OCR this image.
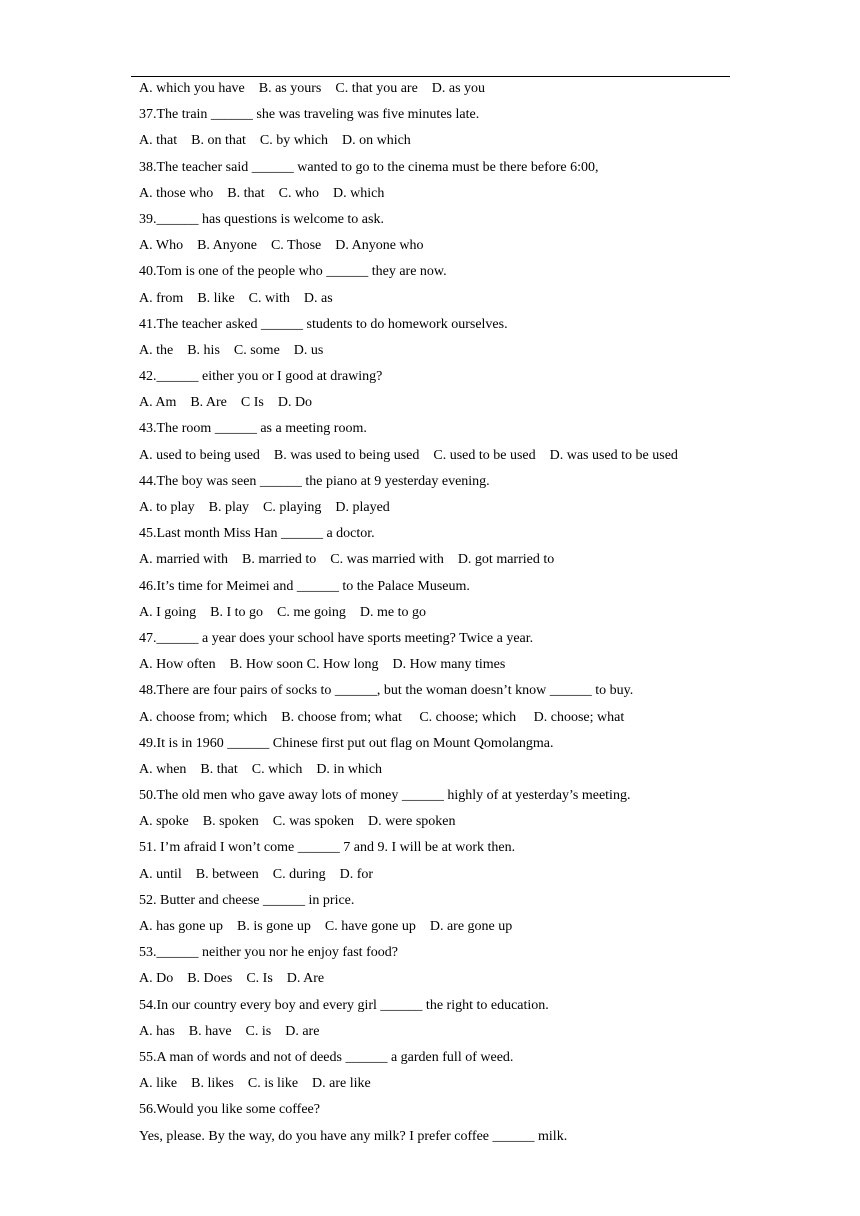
A. which you have    B. as yours    C. that you are    D. as you

37.The train ______ she was traveling was five minutes late.

A. that    B. on that    C. by which    D. on which

38.The teacher said ______ wanted to go to the cinema must be there before 6:00,

A. those who    B. that    C. who    D. which

39.______ has questions is welcome to ask.

A. Who    B. Anyone    C. Those    D. Anyone who

40.Tom is one of the people who ______ they are now.

A. from    B. like    C. with    D. as

41.The teacher asked ______ students to do homework ourselves.

A. the    B. his    C. some    D. us

42.______ either you or I good at drawing?

A. Am    B. Are    C Is    D. Do

43.The room ______ as a meeting room.

A. used to being used    B. was used to being used    C. used to be used    D. was used to be used

44.The boy was seen ______ the piano at 9 yesterday evening.

A. to play    B. play    C. playing    D. played

45.Last month Miss Han ______ a doctor.

A. married with    B. married to    C. was married with    D. got married to

46.It’s time for Meimei and ______ to the Palace Museum.

A. I going    B. I to go    C. me going    D. me to go

47.______ a year does your school have sports meeting? Twice a year.

A. How often    B. How soon C. How long    D. How many times

48.There are four pairs of socks to ______, but the woman doesn’t know ______ to buy.

A. choose from; which    B. choose from; what     C. choose; which     D. choose; what

49.It is in 1960 ______ Chinese first put out flag on Mount Qomolangma.

A. when    B. that    C. which    D. in which

50.The old men who gave away lots of money ______ highly of at yesterday’s meeting.

A. spoke    B. spoken    C. was spoken    D. were spoken

51. I’m afraid I won’t come ______ 7 and 9. I will be at work then.

A. until    B. between    C. during    D. for

52. Butter and cheese ______ in price.

A. has gone up    B. is gone up    C. have gone up    D. are gone up

53.______ neither you nor he enjoy fast food?

A. Do    B. Does    C. Is    D. Are

54.In our country every boy and every girl ______ the right to education.

A. has    B. have    C. is    D. are

55.A man of words and not of deeds ______ a garden full of weed.

A. like    B. likes    C. is like    D. are like

56.Would you like some coffee?

Yes, please. By the way, do you have any milk? I prefer coffee ______ milk.
